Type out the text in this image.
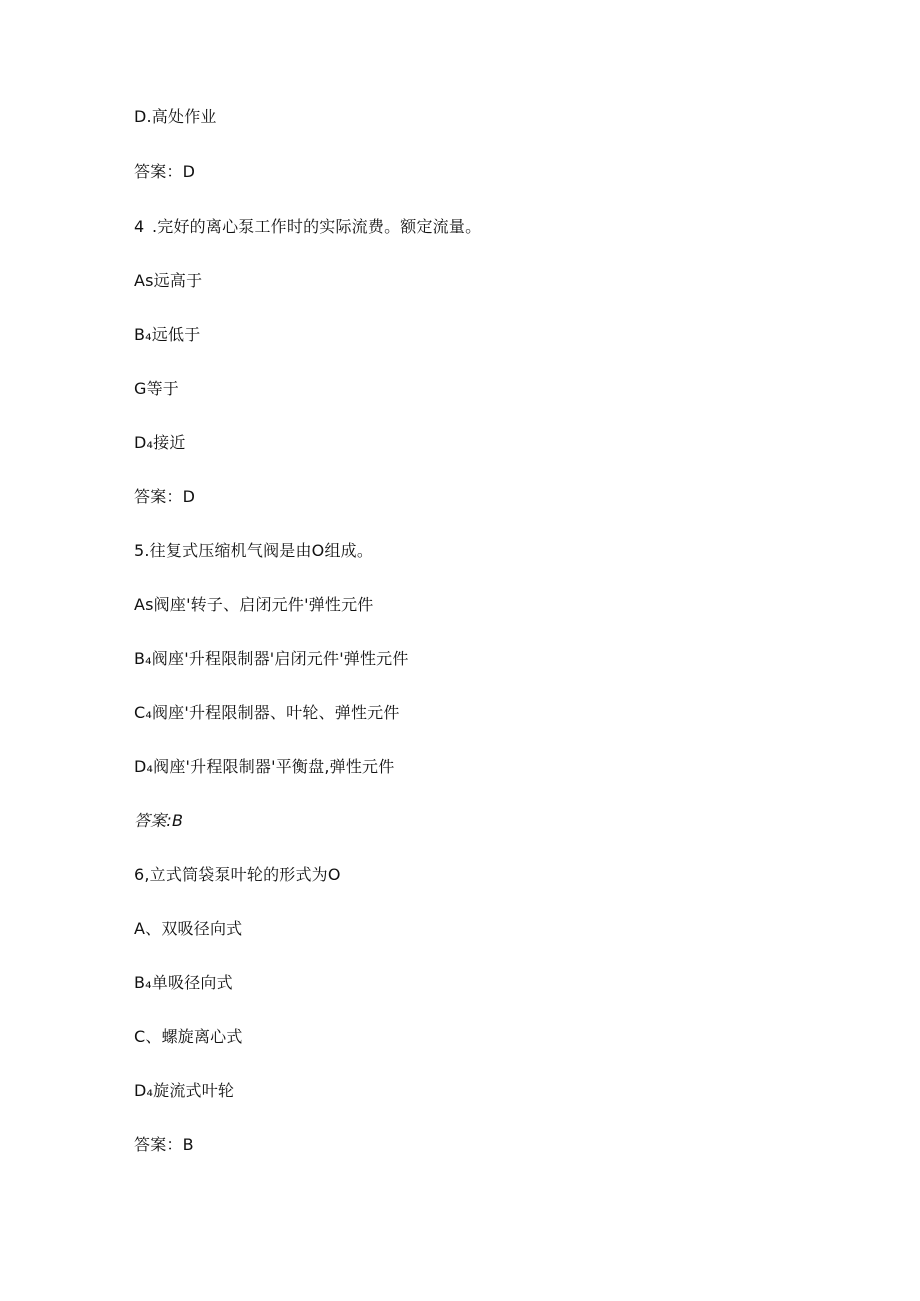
D.高处作业
答案：D
4 .完好的离心泵工作时的实际流费。额定流量。
As远高于
B₄远低于
G等于
D₄接近
答案：D
5.往复式压缩机气阀是由O组成。
As阀座'转子、启闭元件'弹性元件
B₄阀座'升程限制器'启闭元件'弹性元件
C₄阀座'升程限制器、叶轮、弹性元件
D₄阀座'升程限制器'平衡盘,弹性元件
答案:B
6,立式筒袋泵叶轮的形式为O
A、双吸径向式
B₄单吸径向式
C、螺旋离心式
D₄旋流式叶轮
答案：B
